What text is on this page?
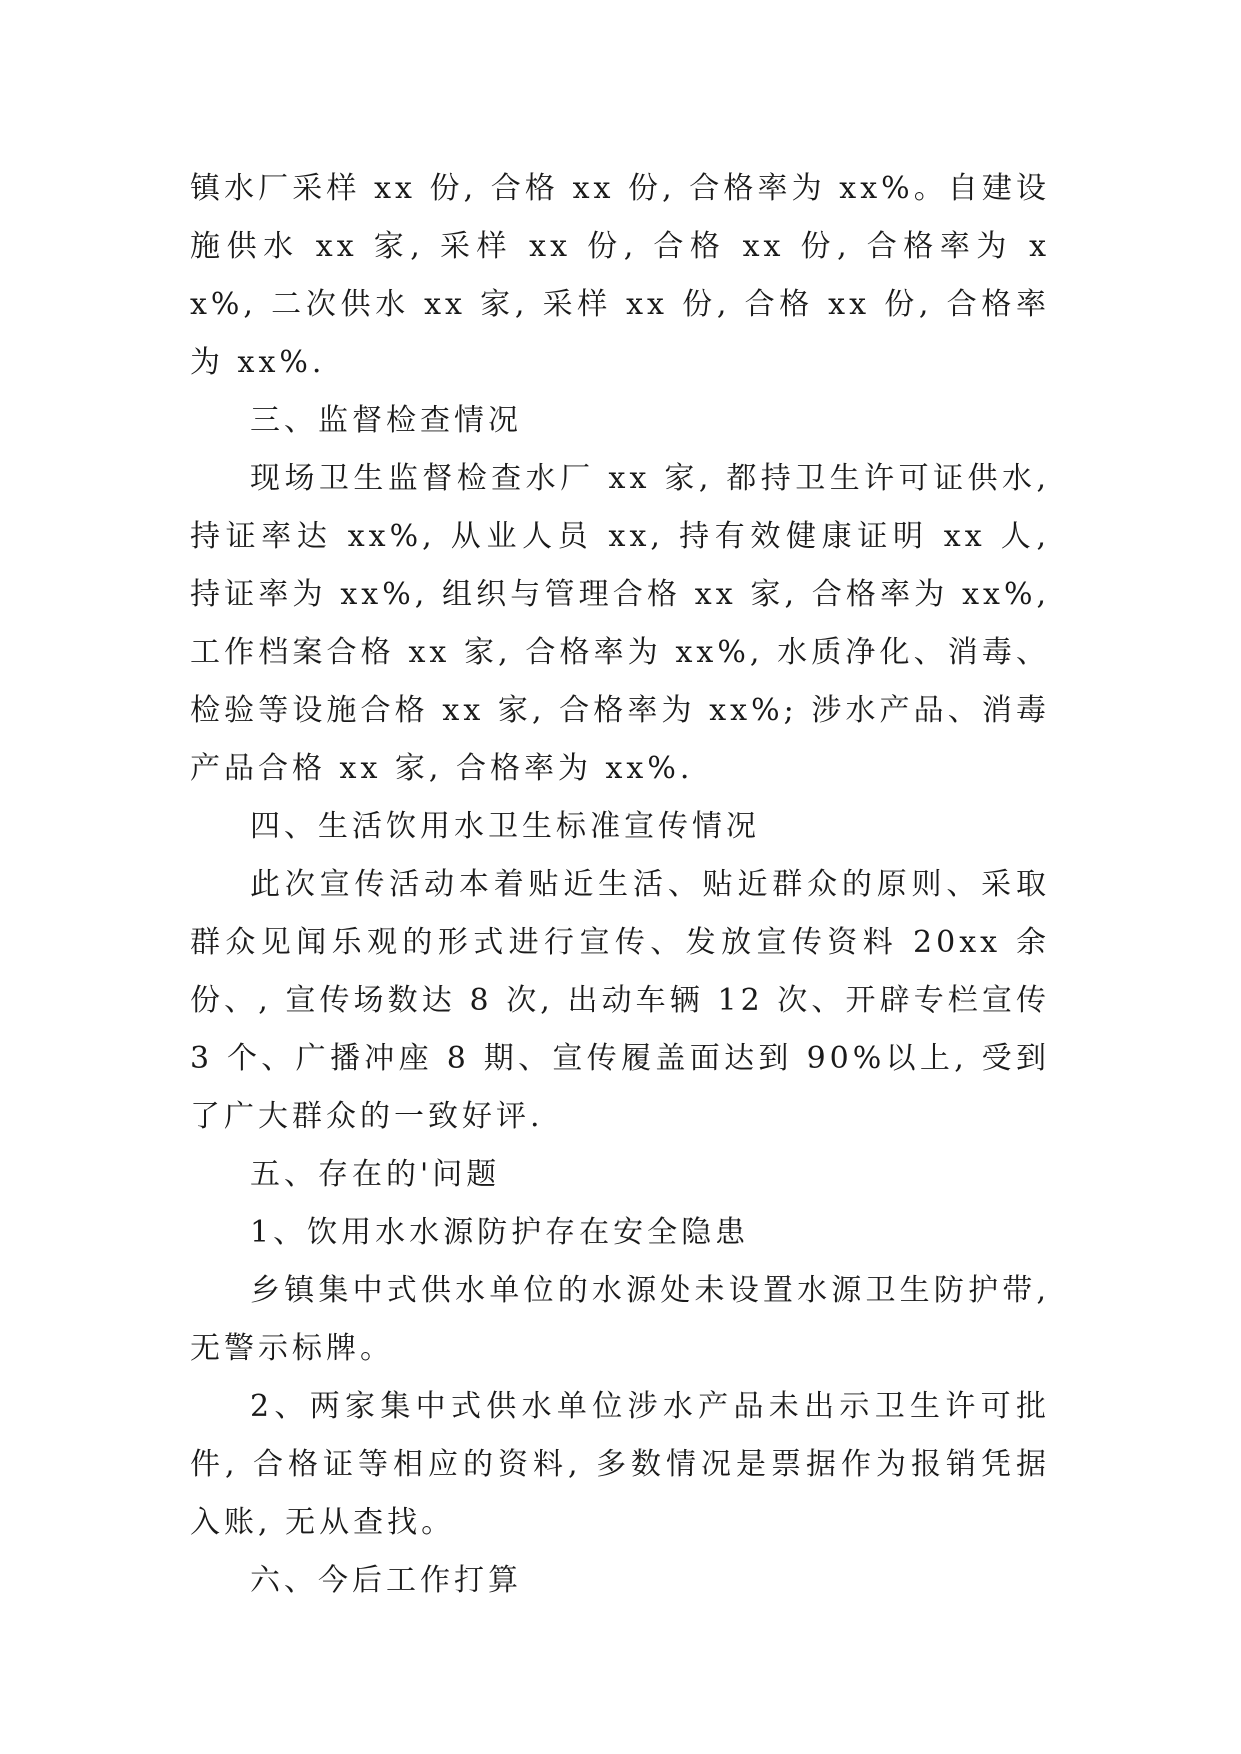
镇水厂采样 xx 份, 合格 xx 份, 合格率为 xx%。自建设施供水 xx 家, 采样 xx 份, 合格 xx 份, 合格率为 xx%, 二次供水 xx 家, 采样 xx 份, 合格 xx 份, 合格率为 xx%.

三、监督检查情况

现场卫生监督检查水厂 xx 家, 都持卫生许可证供水, 持证率达 xx%, 从业人员 xx, 持有效健康证明 xx 人, 持证率为 xx%, 组织与管理合格 xx 家, 合格率为 xx%, 工作档案合格 xx 家, 合格率为 xx%, 水质净化、消毒、检验等设施合格 xx 家, 合格率为 xx%; 涉水产品、消毒产品合格 xx 家, 合格率为 xx%.

四、生活饮用水卫生标准宣传情况

此次宣传活动本着贴近生活、贴近群众的原则、采取群众见闻乐观的形式进行宣传、发放宣传资料 20xx 余份、, 宣传场数达 8 次, 出动车辆 12 次、开辟专栏宣传 3 个、广播冲座 8 期、宣传履盖面达到 90%以上, 受到了广大群众的一致好评.

五、存在的'问题

1、饮用水水源防护存在安全隐患

乡镇集中式供水单位的水源处未设置水源卫生防护带, 无警示标牌。

2、两家集中式供水单位涉水产品未出示卫生许可批件, 合格证等相应的资料, 多数情况是票据作为报销凭据入账, 无从查找。

六、今后工作打算
